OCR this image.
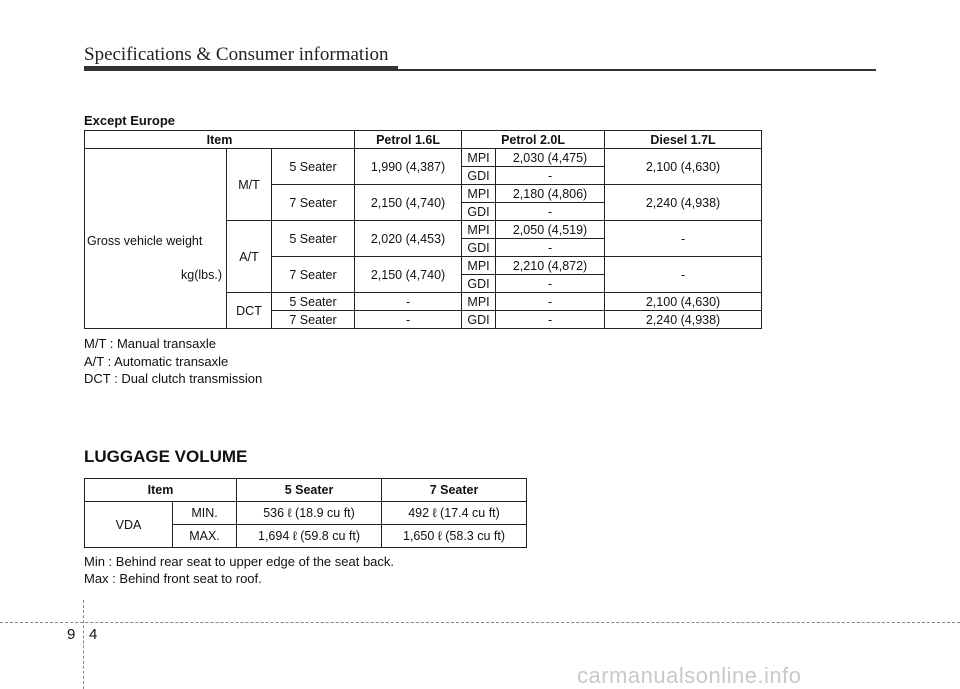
Specifications & Consumer information
Except Europe
Item			Petrol 1.6L	Petrol 2.0L		Diesel 1.7L

Gross vehicle weight
kg(lbs.)	M/T	5 Seater	1,990 (4,387)	MPI	2,030 (4,475)	2,100 (4,630)
				GDI	-	
		7 Seater	2,150 (4,740)	MPI	2,180 (4,806)	2,240 (4,938)
				GDI	-	
	A/T	5 Seater	2,020 (4,453)	MPI	2,050 (4,519)	-
				GDI	-	
		7 Seater	2,150 (4,740)	MPI	2,210 (4,872)	-
				GDI	-	
	DCT	5 Seater	-	MPI	-	2,100 (4,630)
		7 Seater	-	GDI	-	2,240 (4,938)
M/T : Manual transaxle
A/T : Automatic transaxle
DCT : Dual clutch transmission
LUGGAGE VOLUME
Item		5 Seater	7 Seater
VDA	MIN.	536 ℓ (18.9 cu ft)	492 ℓ (17.4 cu ft)
	MAX.	1,694 ℓ (59.8 cu ft)	1,650 ℓ (58.3 cu ft)
Min : Behind rear seat to upper edge of the seat back.
Max : Behind front seat to roof.
9 4
carmanualsonline.info
